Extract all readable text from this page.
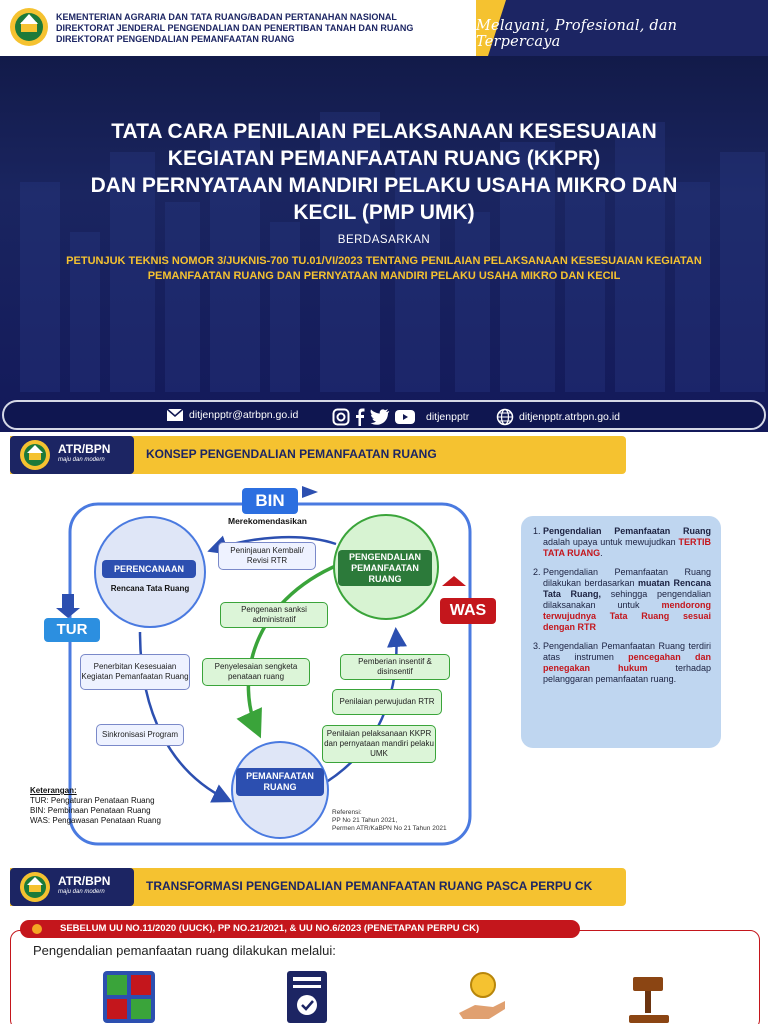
KEMENTERIAN AGRARIA DAN TATA RUANG/BADAN PERTANAHAN NASIONAL
DIREKTORAT JENDERAL PENGENDALIAN DAN PENERTIBAN TANAH DAN RUANG
DIREKTORAT PENGENDALIAN PEMANFAATAN RUANG
Melayani, Profesional, dan Terpercaya
TATA CARA PENILAIAN PELAKSANAAN KESESUAIAN
KEGIATAN PEMANFAATAN RUANG (KKPR)
DAN PERNYATAAN MANDIRI PELAKU USAHA MIKRO DAN
KECIL (PMP UMK)
BERDASARKAN
PETUNJUK TEKNIS NOMOR 3/JUKNIS-700 TU.01/VI/2023 TENTANG PENILAIAN PELAKSANAAN KESESUAIAN KEGIATAN
PEMANFAATAN RUANG DAN PERNYATAAN MANDIRI PELAKU USAHA MIKRO DAN KECIL
ditjenpptr@atrbpn.go.id	ditjenpptr	ditjenpptr.atrbpn.go.id
ATR/BPN
maju dan modern	KONSEP PENGENDALIAN PEMANFAATAN RUANG
BIN
Merekomendasikan
TUR
WAS
PERENCANAAN
Rencana Tata Ruang
PENGENDALIAN PEMANFAATAN RUANG
PEMANFAATAN RUANG
Peninjauan Kembali/ Revisi RTR
Pengenaan sanksi administratif
Penyelesaian sengketa penataan ruang
Pemberian insentif & disinsentif
Penilaian perwujudan RTR
Penilaian pelaksanaan KKPR dan pernyataan mandiri pelaku UMK
Penerbitan Kesesuaian Kegiatan Pemanfaatan Ruang
Sinkronisasi Program
Keterangan:
TUR: Pengaturan Penataan Ruang
BIN: Pembinaan Penataan Ruang
WAS: Pengawasan Penataan Ruang
Referensi:
PP No 21 Tahun 2021,
Permen ATR/KaBPN No 21 Tahun 2021
1. Pengendalian Pemanfaatan Ruang adalah upaya untuk mewujudkan TERTIB TATA RUANG.
2. Pengendalian Pemanfaatan Ruang dilakukan berdasarkan muatan Rencana Tata Ruang, sehingga pengendalian dilaksanakan untuk mendorong terwujudnya Tata Ruang sesuai dengan RTR
3. Pengendalian Pemanfaatan Ruang terdiri atas instrumen pencegahan dan penegakan hukum terhadap pelanggaran pemanfaatan ruang.
ATR/BPN
maju dan modern	TRANSFORMASI PENGENDALIAN PEMANFAATAN RUANG PASCA PERPU CK
Pengendalian pemanfaatan ruang dilakukan melalui:
SEBELUM UU NO.11/2020 (UUCK), PP NO.21/2021, & UU NO.6/2023 (PENETAPAN PERPU CK)
